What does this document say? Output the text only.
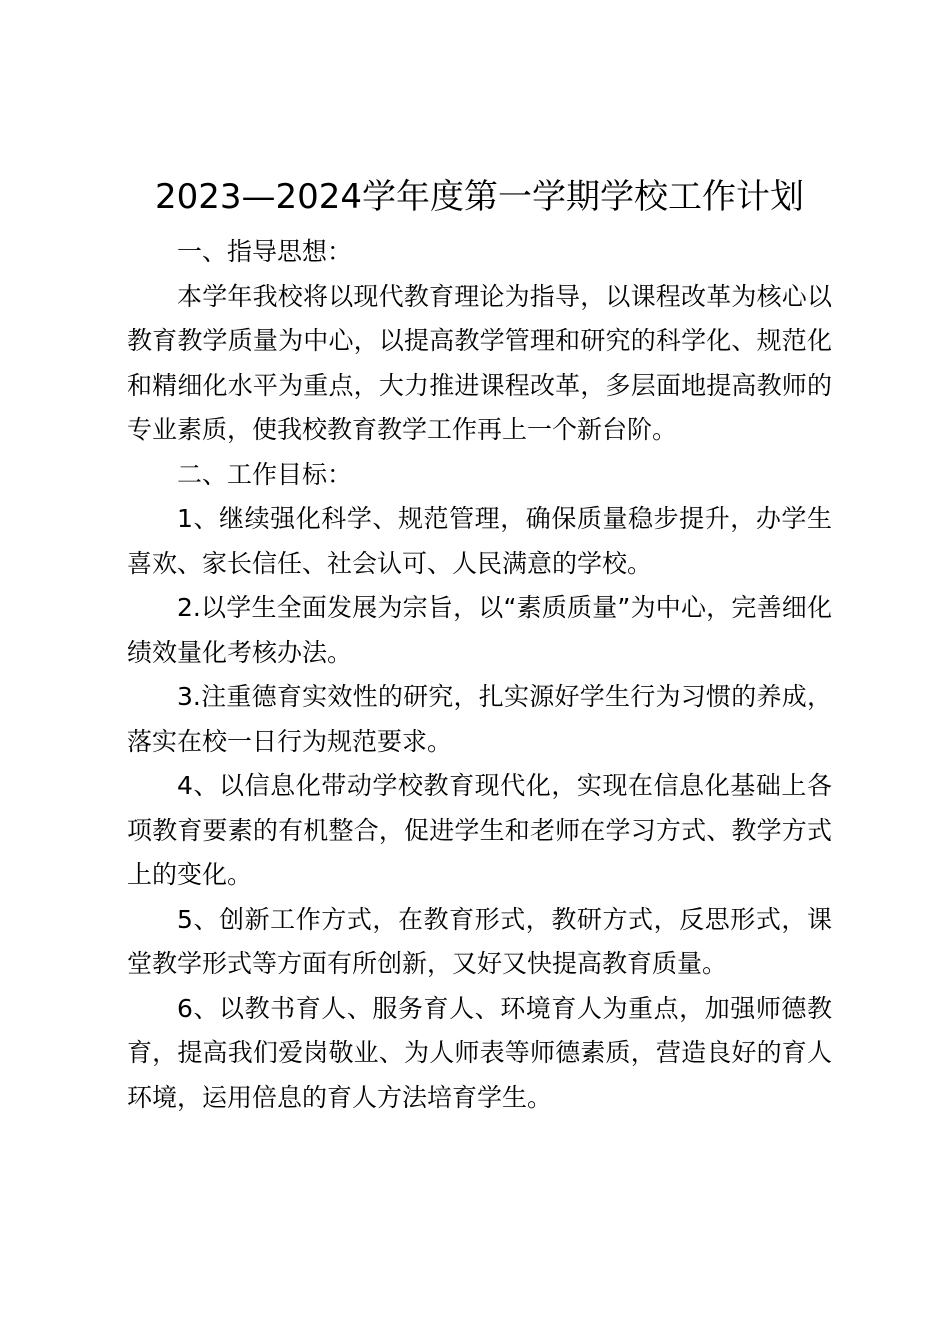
2023—2024学年度第一学期学校工作计划

一、指导思想：

本学年我校将以现代教育理论为指导，以课程改革为核心以教育教学质量为中心，以提高教学管理和研究的科学化、规范化和精细化水平为重点，大力推进课程改革，多层面地提高教师的专业素质，使我校教育教学工作再上一个新台阶。

二、工作目标：

1、继续强化科学、规范管理，确保质量稳步提升，办学生喜欢、家长信任、社会认可、人民满意的学校。

2.以学生全面发展为宗旨，以“素质质量”为中心，完善细化绩效量化考核办法。

3.注重德育实效性的研究，扎实源好学生行为习惯的养成，落实在校一日行为规范要求。

4、以信息化带动学校教育现代化，实现在信息化基础上各项教育要素的有机整合，促进学生和老师在学习方式、教学方式上的变化。

5、创新工作方式，在教育形式，教研方式，反思形式，课堂教学形式等方面有所创新，又好又快提高教育质量。

6、以教书育人、服务育人、环境育人为重点，加强师德教育，提高我们爱岗敬业、为人师表等师德素质，营造良好的育人环境，运用倍息的育人方法培育学生。
